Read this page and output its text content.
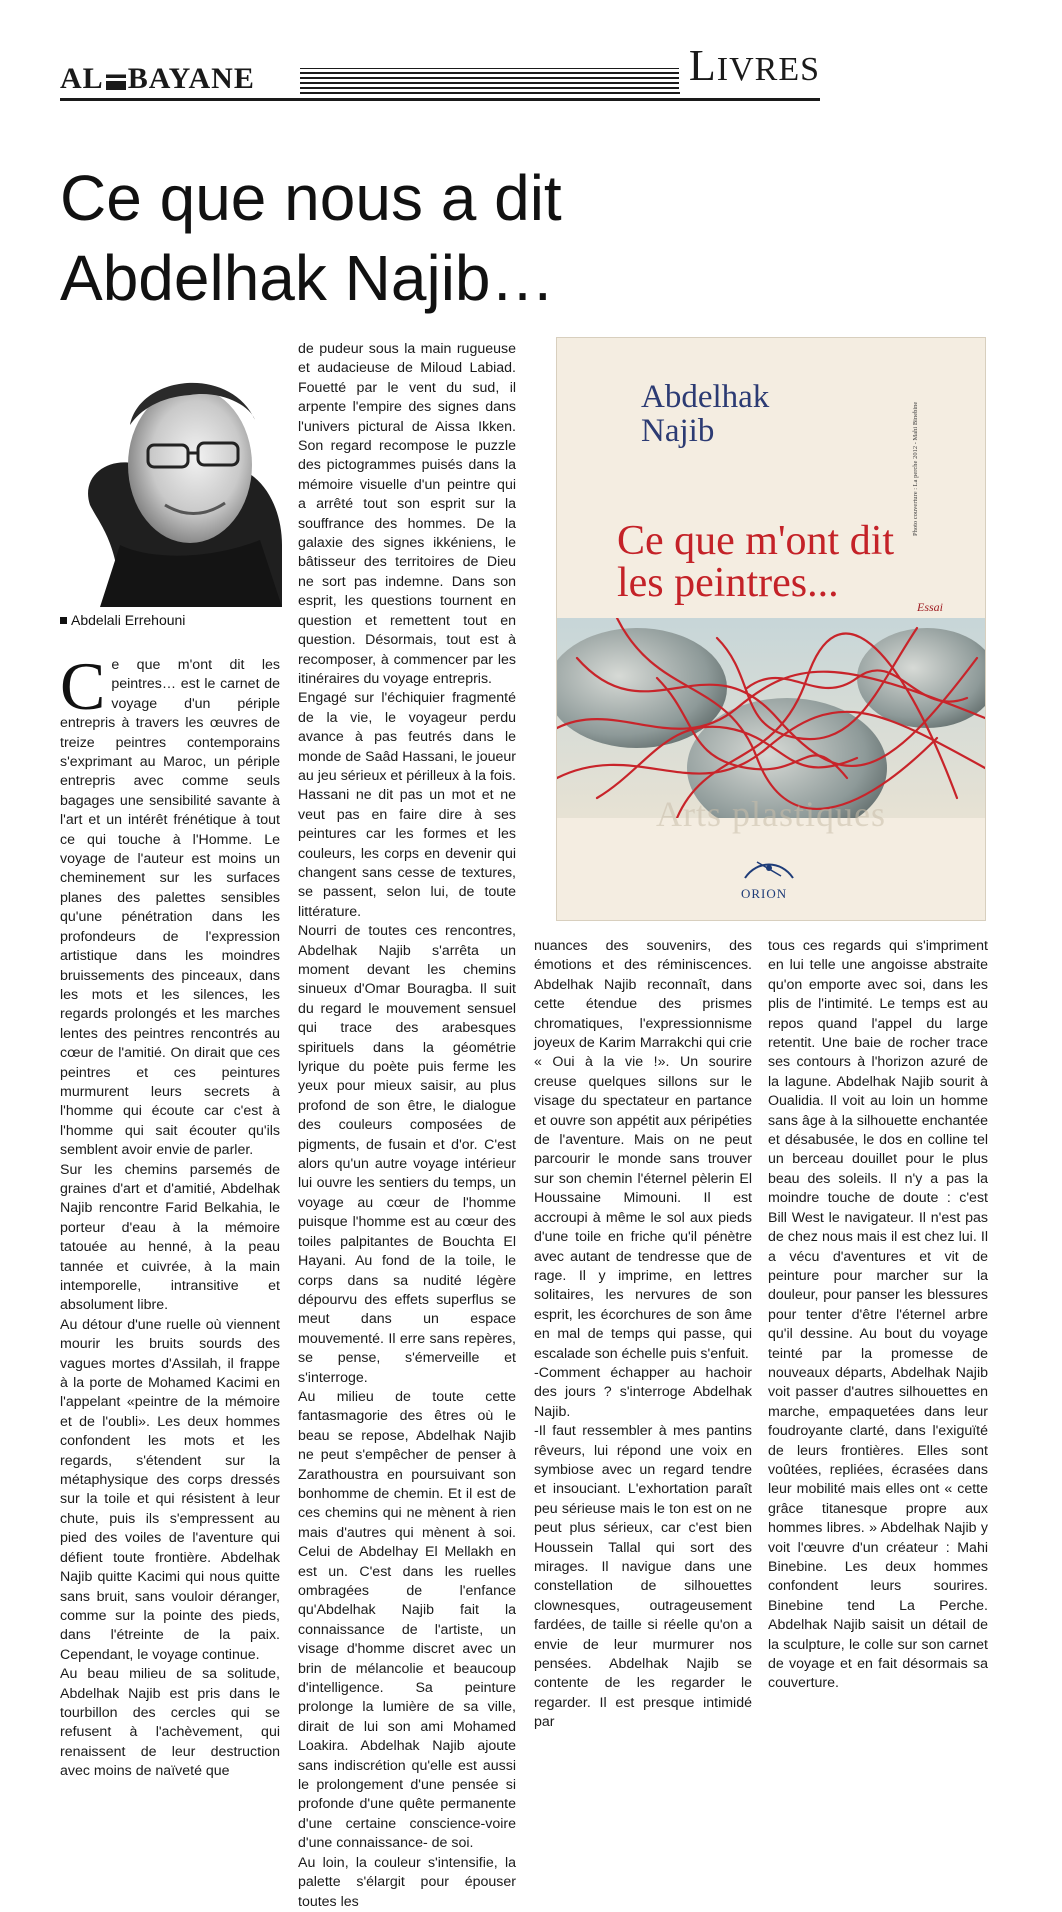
AL BAYANE	LIVRES
Ce que nous a dit
Abdelhak Najib…
Abdelali Errehouni

Ce que m'ont dit les peintres… est le carnet de voyage d'un périple entrepris à travers les œuvres de treize peintres contemporains s'exprimant au Maroc, un périple entrepris avec comme seuls bagages une sensibilité savante à l'art et un intérêt frénétique à tout ce qui touche à l'Homme. Le voyage de l'auteur est moins un cheminement sur les surfaces planes des palettes sensibles qu'une pénétration dans les profondeurs de l'expression artistique dans les moindres bruissements des pinceaux, dans les mots et les silences, les regards prolongés et les marches lentes des peintres rencontrés au cœur de l'amitié. On dirait que ces peintres et ces peintures murmurent leurs secrets à l'homme qui écoute car c'est à l'homme qui sait écouter qu'ils semblent avoir envie de parler.

Sur les chemins parsemés de graines d'art et d'amitié, Abdelhak Najib rencontre Farid Belkahia, le porteur d'eau à la mémoire tatouée au henné, à la peau tannée et cuivrée, à la main intemporelle, intransitive et absolument libre.

Au détour d'une ruelle où viennent mourir les bruits sourds des vagues mortes d'Assilah, il frappe à la porte de Mohamed Kacimi en l'appelant «peintre de la mémoire et de l'oubli». Les deux hommes confondent les mots et les regards, s'étendent sur la métaphysique des corps dressés sur la toile et qui résistent à leur chute, puis ils s'empressent au pied des voiles de l'aventure qui défient toute frontière. Abdelhak Najib quitte Kacimi qui nous quitte sans bruit, sans vouloir déranger, comme sur la pointe des pieds, dans l'étreinte de la paix. Cependant, le voyage continue.

Au beau milieu de sa solitude, Abdelhak Najib est pris dans le tourbillon des cercles qui se refusent à l'achèvement, qui renaissent de leur destruction avec moins de naïveté que

de pudeur sous la main rugueuse et audacieuse de Miloud Labiad. Fouetté par le vent du sud, il arpente l'empire des signes dans l'univers pictural de Aissa Ikken. Son regard recompose le puzzle des pictogrammes puisés dans la mémoire visuelle d'un peintre qui a arrêté tout son esprit sur la souffrance des hommes. De la galaxie des signes ikkéniens, le bâtisseur des territoires de Dieu ne sort pas indemne. Dans son esprit, les questions tournent en question et remettent tout en question. Désormais, tout est à recomposer, à commencer par les itinéraires du voyage entrepris.

Engagé sur l'échiquier fragmenté de la vie, le voyageur perdu avance à pas feutrés dans le monde de Saâd Hassani, le joueur au jeu sérieux et périlleux à la fois. Hassani ne dit pas un mot et ne veut pas en faire dire à ses peintures car les formes et les couleurs, les corps en devenir qui changent sans cesse de textures, se passent, selon lui, de toute littérature.

Nourri de toutes ces rencontres, Abdelhak Najib s'arrêta un moment devant les chemins sinueux d'Omar Bouragba. Il suit du regard le mouvement sensuel qui trace des arabesques spirituels dans la géométrie lyrique du poète puis ferme les yeux pour mieux saisir, au plus profond de son être, le dialogue des couleurs composées de pigments, de fusain et d'or. C'est alors qu'un autre voyage intérieur lui ouvre les sentiers du temps, un voyage au cœur de l'homme puisque l'homme est au cœur des toiles palpitantes de Bouchta El Hayani. Au fond de la toile, le corps dans sa nudité légère dépourvu des effets superflus se meut dans un espace mouvementé. Il erre sans repères, se pense, s'émerveille et s'interroge.

Au milieu de toute cette fantasmagorie des êtres où le beau se repose, Abdelhak Najib ne peut s'empêcher de penser à Zarathoustra en poursuivant son bonhomme de chemin. Et il est de ces chemins qui ne mènent à rien mais d'autres qui mènent à soi. Celui de Abdelhay El Mellakh en est un. C'est dans les ruelles ombragées de l'enfance qu'Abdelhak Najib fait la connaissance de l'artiste, un visage d'homme discret avec un brin de mélancolie et beaucoup d'intelligence. Sa peinture prolonge la lumière de sa ville, dirait de lui son ami Mohamed Loakira. Abdelhak Najib ajoute sans indiscrétion qu'elle est aussi le prolongement d'une pensée si profonde d'une quête permanente d'une certaine conscience-voire d'une connaissance- de soi.

Au loin, la couleur s'intensifie, la palette s'élargit pour épouser toutes les

Abdelhak
Najib	Photo couverture : La perche 2012 - Mahi Binebine
Ce que m'ont dit
les peintres...
Essai
Arts plastiques
ORION

nuances des souvenirs, des émotions et des réminiscences. Abdelhak Najib reconnaît, dans cette étendue des prismes chromatiques, l'expressionnisme joyeux de Karim Marrakchi qui crie « Oui à la vie !». Un sourire creuse quelques sillons sur le visage du spectateur en partance et ouvre son appétit aux péripéties de l'aventure. Mais on ne peut parcourir le monde sans trouver sur son chemin l'éternel pèlerin El Houssaine Mimouni. Il est accroupi à même le sol aux pieds d'une toile en friche qu'il pénètre avec autant de tendresse que de rage. Il y imprime, en lettres solitaires, les nervures de son esprit, les écorchures de son âme en mal de temps qui passe, qui escalade son échelle puis s'enfuit.

-Comment échapper au hachoir des jours ? s'interroge Abdelhak Najib.

-Il faut ressembler à mes pantins rêveurs, lui répond une voix en symbiose avec un regard tendre et insouciant. L'exhortation paraît peu sérieuse mais le ton est on ne peut plus sérieux, car c'est bien Houssein Tallal qui sort des mirages. Il navigue dans une constellation de silhouettes clownesques, outrageusement fardées, de taille si réelle qu'on a envie de leur murmurer nos pensées. Abdelhak Najib se contente de les regarder le regarder. Il est presque intimidé par

tous ces regards qui s'impriment en lui telle une angoisse abstraite qu'on emporte avec soi, dans les plis de l'intimité. Le temps est au repos quand l'appel du large retentit. Une baie de rocher trace ses contours à l'horizon azuré de la lagune. Abdelhak Najib sourit à Oualidia. Il voit au loin un homme sans âge à la silhouette enchantée et désabusée, le dos en colline tel un berceau douillet pour le plus beau des soleils. Il n'y a pas la moindre touche de doute : c'est Bill West le navigateur. Il n'est pas de chez nous mais il est chez lui. Il a vécu d'aventures et vit de peinture pour marcher sur la douleur, pour panser les blessures pour tenter d'être l'éternel arbre qu'il dessine. Au bout du voyage teinté par la promesse de nouveaux départs, Abdelhak Najib voit passer d'autres silhouettes en marche, empaquetées dans leur foudroyante clarté, dans l'exiguïté de leurs frontières. Elles sont voûtées, repliées, écrasées dans leur mobilité mais elles ont « cette grâce titanesque propre aux hommes libres. » Abdelhak Najib y voit l'œuvre d'un créateur : Mahi Binebine. Les deux hommes confondent leurs sourires. Binebine tend La Perche. Abdelhak Najib saisit un détail de la sculpture, le colle sur son carnet de voyage et en fait désormais sa couverture.
